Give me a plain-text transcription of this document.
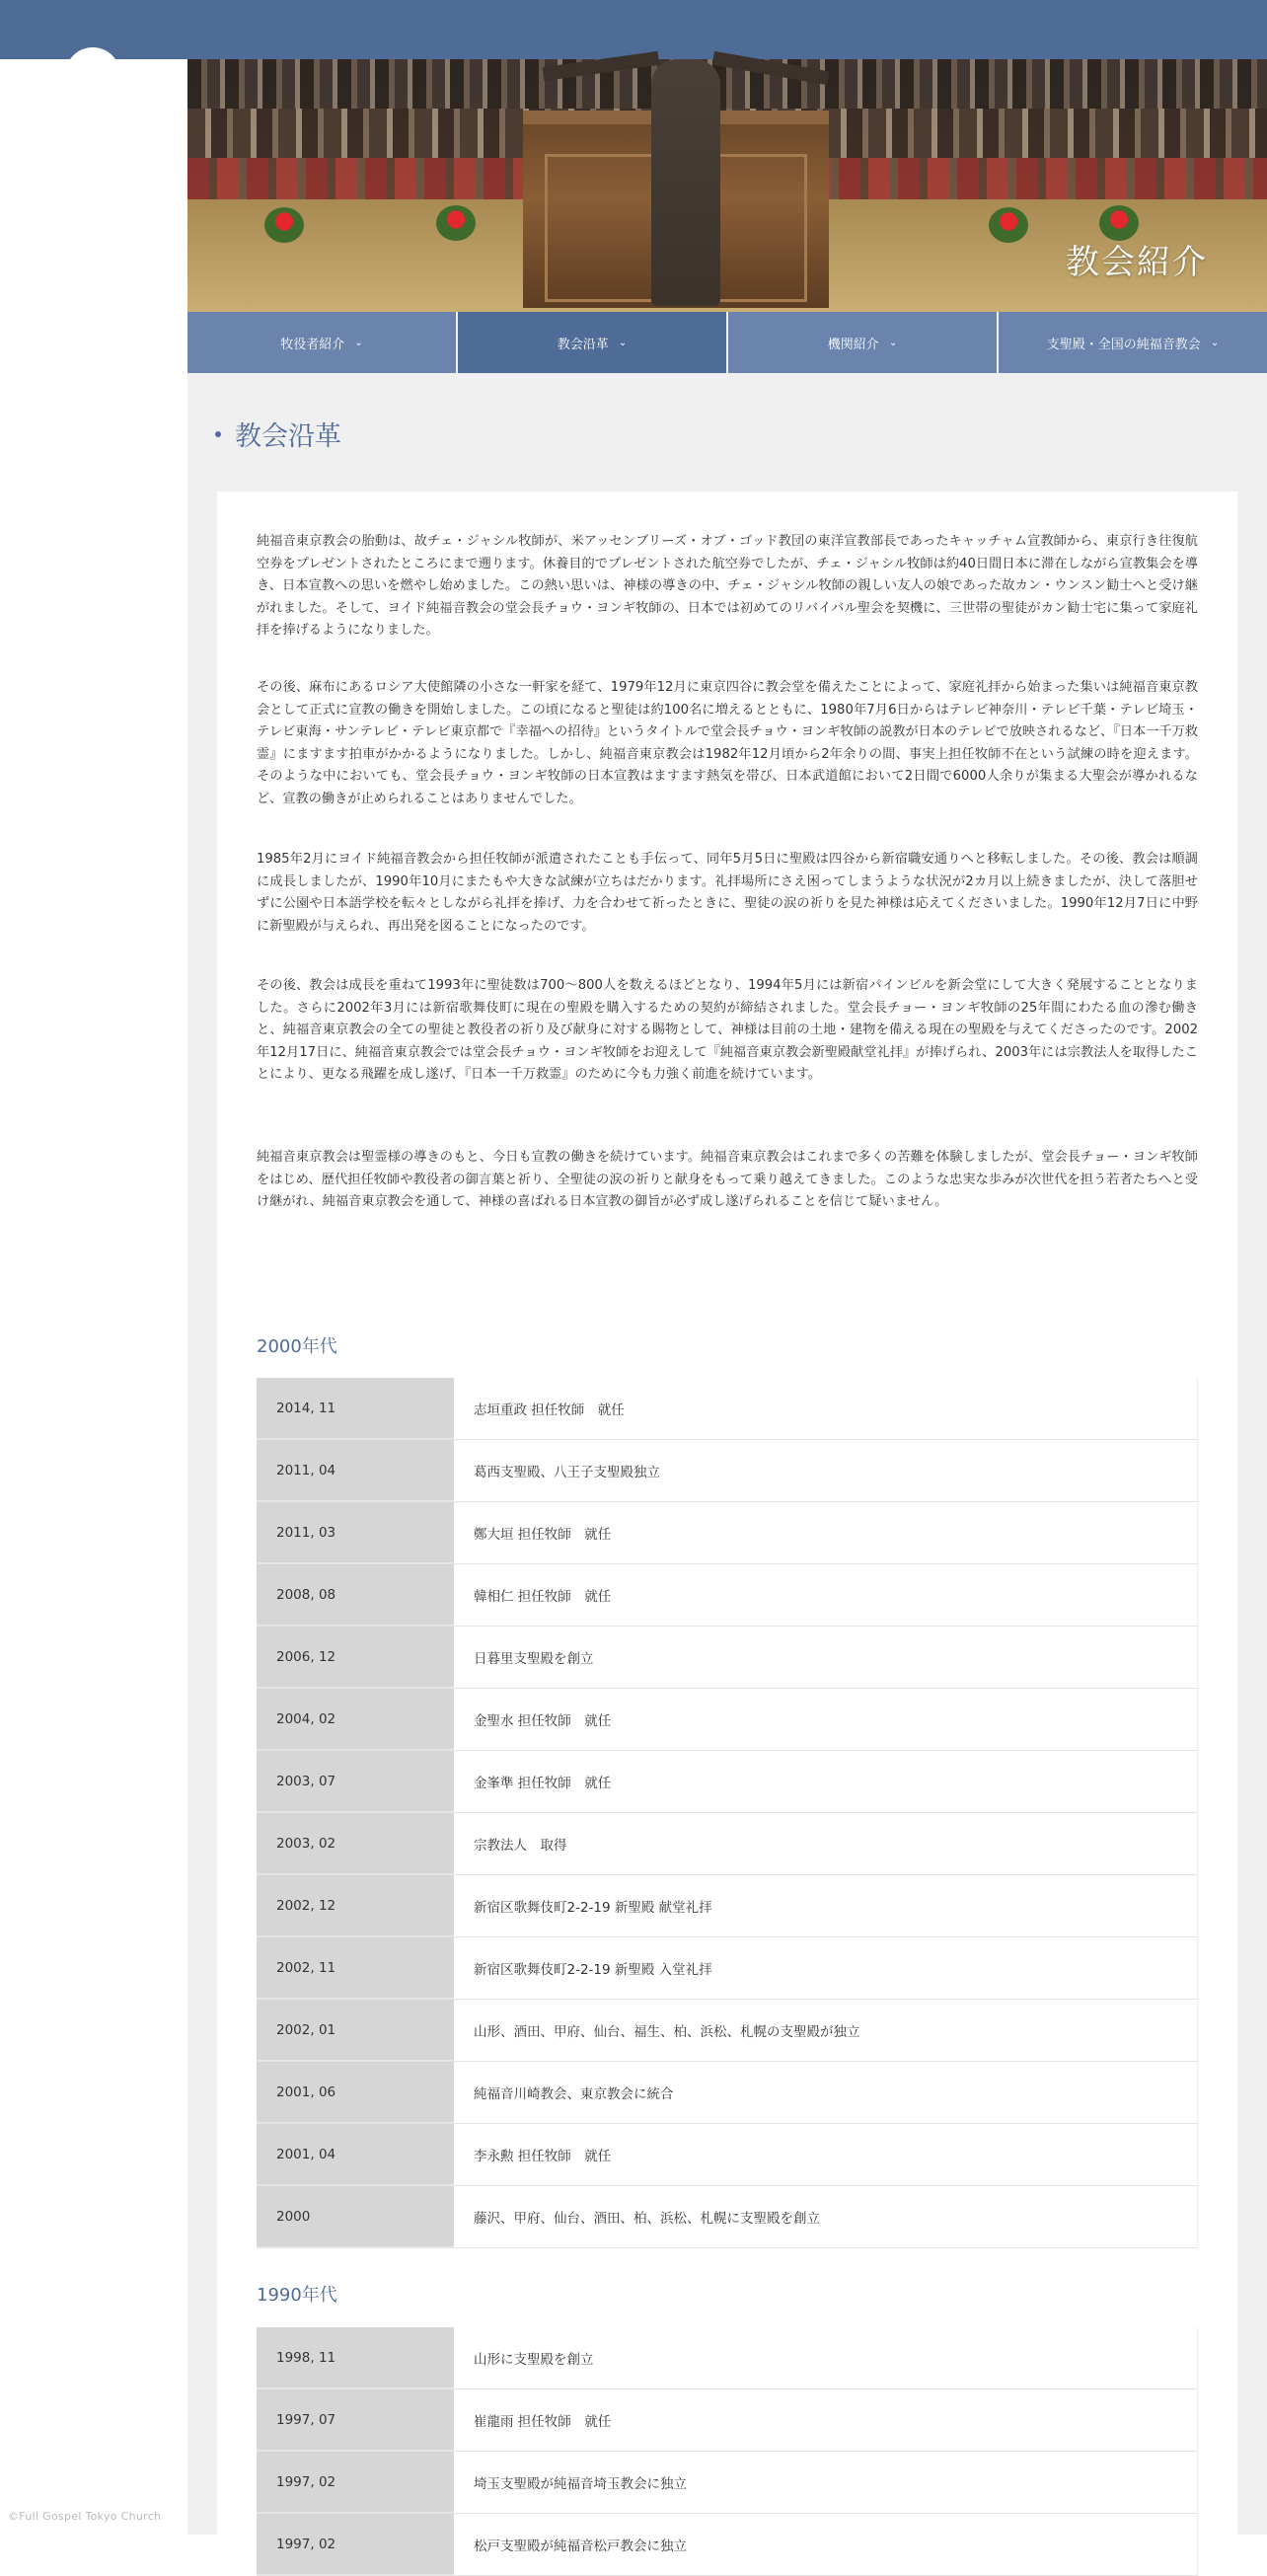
©Full Gospel Tokyo Church
教会紹介
牧役者紹介 ⌄	教会沿革 ⌄	機関紹介 ⌄	支聖殿・全国の純福音教会 ⌄
教会沿革

純福音東京教会の胎動は、故チェ・ジャシル牧師が、米アッセンブリーズ・オブ・ゴッド教団の東洋宣教部長であったキャッチャム宣教師から、東京行き往復航空券をプレゼントされたところにまで遡ります。休養目的でプレゼントされた航空券でしたが、チェ・ジャシル牧師は約40日間日本に滞在しながら宣教集会を導き、日本宣教への思いを燃やし始めました。この熱い思いは、神様の導きの中、チェ・ジャシル牧師の親しい友人の娘であった故カン・ウンスン勧士へと受け継がれました。そして、ヨイド純福音教会の堂会長チョウ・ヨンギ牧師の、日本では初めてのリバイバル聖会を契機に、三世帯の聖徒がカン勧士宅に集って家庭礼拝を捧げるようになりました。

その後、麻布にあるロシア大使館隣の小さな一軒家を経て、1979年12月に東京四谷に教会堂を備えたことによって、家庭礼拝から始まった集いは純福音東京教会として正式に宣教の働きを開始しました。この頃になると聖徒は約100名に増えるとともに、1980年7月6日からはテレビ神奈川・テレビ千葉・テレビ埼玉・テレビ東海・サンテレビ・テレビ東京都で『幸福への招待』というタイトルで堂会長チョウ・ヨンギ牧師の説教が日本のテレビで放映されるなど、『日本一千万救霊』にますます拍車がかかるようになりました。しかし、純福音東京教会は1982年12月頃から2年余りの間、事実上担任牧師不在という試練の時を迎えます。そのような中においても、堂会長チョウ・ヨンギ牧師の日本宣教はますます熱気を帯び、日本武道館において2日間で6000人余りが集まる大聖会が導かれるなど、宣教の働きが止められることはありませんでした。

1985年2月にヨイド純福音教会から担任牧師が派遣されたことも手伝って、同年5月5日に聖殿は四谷から新宿職安通りへと移転しました。その後、教会は順調に成長しましたが、1990年10月にまたもや大きな試練が立ちはだかります。礼拝場所にさえ困ってしまうような状況が2カ月以上続きましたが、決して落胆せずに公園や日本語学校を転々としながら礼拝を捧げ、力を合わせて祈ったときに、聖徒の涙の祈りを見た神様は応えてくださいました。1990年12月7日に中野に新聖殿が与えられ、再出発を図ることになったのです。

その後、教会は成長を重ねて1993年に聖徒数は700～800人を数えるほどとなり、1994年5月には新宿パインビルを新会堂にして大きく発展することとなりました。さらに2002年3月には新宿歌舞伎町に現在の聖殿を購入するための契約が締結されました。堂会長チョー・ヨンギ牧師の25年間にわたる血の滲む働きと、純福音東京教会の全ての聖徒と教役者の祈り及び献身に対する賜物として、神様は目前の土地・建物を備える現在の聖殿を与えてくださったのです。2002年12月17日に、純福音東京教会では堂会長チョウ・ヨンギ牧師をお迎えして『純福音東京教会新聖殿献堂礼拝』が捧げられ、2003年には宗教法人を取得したことにより、更なる飛躍を成し遂げ、『日本一千万救霊』のために今も力強く前進を続けています。

純福音東京教会は聖霊様の導きのもと、今日も宣教の働きを続けています。純福音東京教会はこれまで多くの苦難を体験しましたが、堂会長チョー・ヨンギ牧師をはじめ、歴代担任牧師や教役者の御言葉と祈り、全聖徒の涙の祈りと献身をもって乗り越えてきました。このような忠実な歩みが次世代を担う若者たちへと受け継がれ、純福音東京教会を通して、神様の喜ばれる日本宣教の御旨が必ず成し遂げられることを信じて疑いません。

2000年代
2014, 11	志垣重政 担任牧師　就任
2011, 04	葛西支聖殿、八王子支聖殿独立
2011, 03	鄭大垣 担任牧師　就任
2008, 08	韓相仁 担任牧師　就任
2006, 12	日暮里支聖殿を創立
2004, 02	金聖水 担任牧師　就任
2003, 07	金峯準 担任牧師　就任
2003, 02	宗教法人　取得
2002, 12	新宿区歌舞伎町2-2-19 新聖殿 献堂礼拝
2002, 11	新宿区歌舞伎町2-2-19 新聖殿 入堂礼拝
2002, 01	山形、酒田、甲府、仙台、福生、柏、浜松、札幌の支聖殿が独立
2001, 06	純福音川崎教会、東京教会に統合
2001, 04	李永勲 担任牧師　就任
2000	藤沢、甲府、仙台、酒田、柏、浜松、札幌に支聖殿を創立
1990年代
1998, 11	山形に支聖殿を創立
1997, 07	崔龍雨 担任牧師　就任
1997, 02	埼玉支聖殿が純福音埼玉教会に独立
1997, 02	松戸支聖殿が純福音松戸教会に独立
